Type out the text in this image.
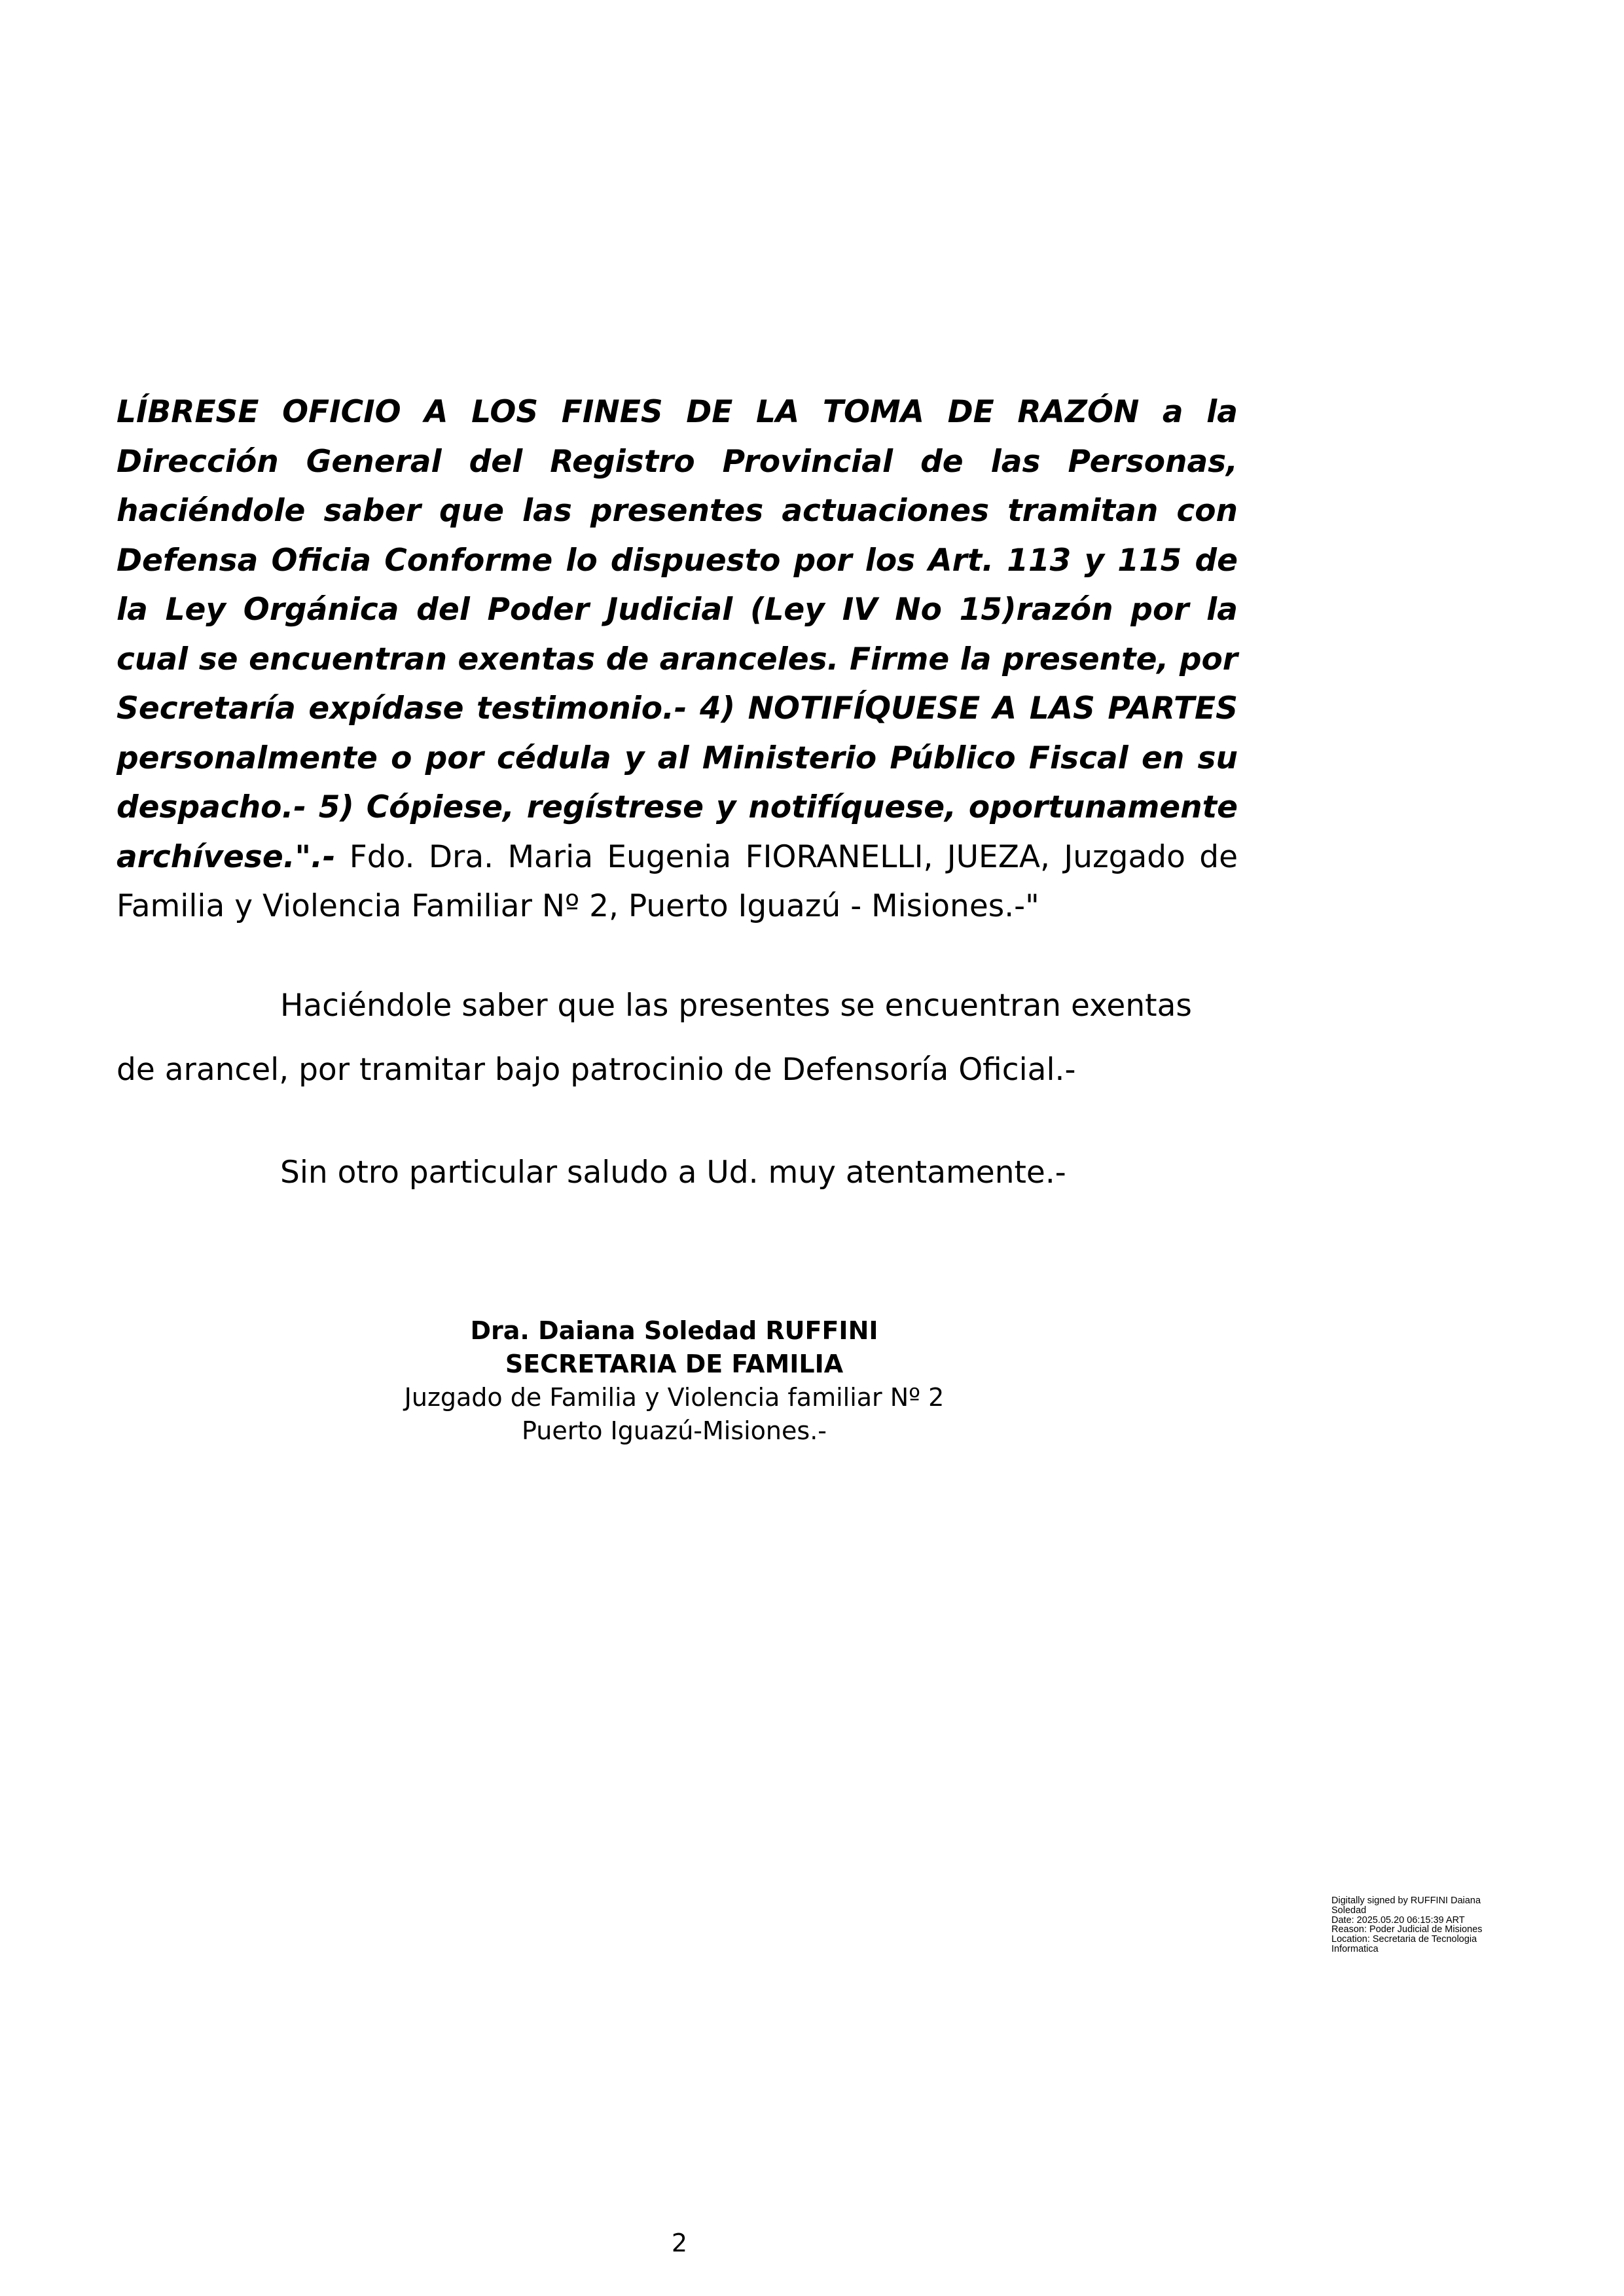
LÍBRESE OFICIO A LOS FINES DE LA TOMA DE RAZÓN a la Dirección General del Registro Provincial de las Personas, haciéndole saber que las presentes actuaciones tramitan con Defensa Oficia Conforme lo dispuesto por los Art. 113 y 115 de la Ley Orgánica del Poder Judicial (Ley IV No 15)razón por la cual se encuentran exentas de aranceles. Firme la presente, por Secretaría expídase testimonio.- 4) NOTIFÍQUESE A LAS PARTES personalmente o por cédula y al Ministerio Público Fiscal en su despacho.- 5) Cópiese, regístrese y notifíquese, oportunamente archívese.".- Fdo. Dra. Maria Eugenia FIORANELLI, JUEZA, Juzgado de Familia y Violencia Familiar Nº 2, Puerto Iguazú - Misiones.-"

Haciéndole saber que las presentes se encuentran exentas de arancel, por tramitar bajo patrocinio de Defensoría Oficial.-

Sin otro particular saludo a Ud. muy atentamente.-

Dra. Daiana Soledad RUFFINI
SECRETARIA DE FAMILIA
Juzgado de Familia y Violencia familiar Nº 2
Puerto Iguazú-Misiones.-
Digitally signed by RUFFINI Daiana
Soledad
Date: 2025.05.20 06:15:39 ART
Reason: Poder Judicial de Misiones
Location: Secretaria de Tecnologia
Informatica
2
